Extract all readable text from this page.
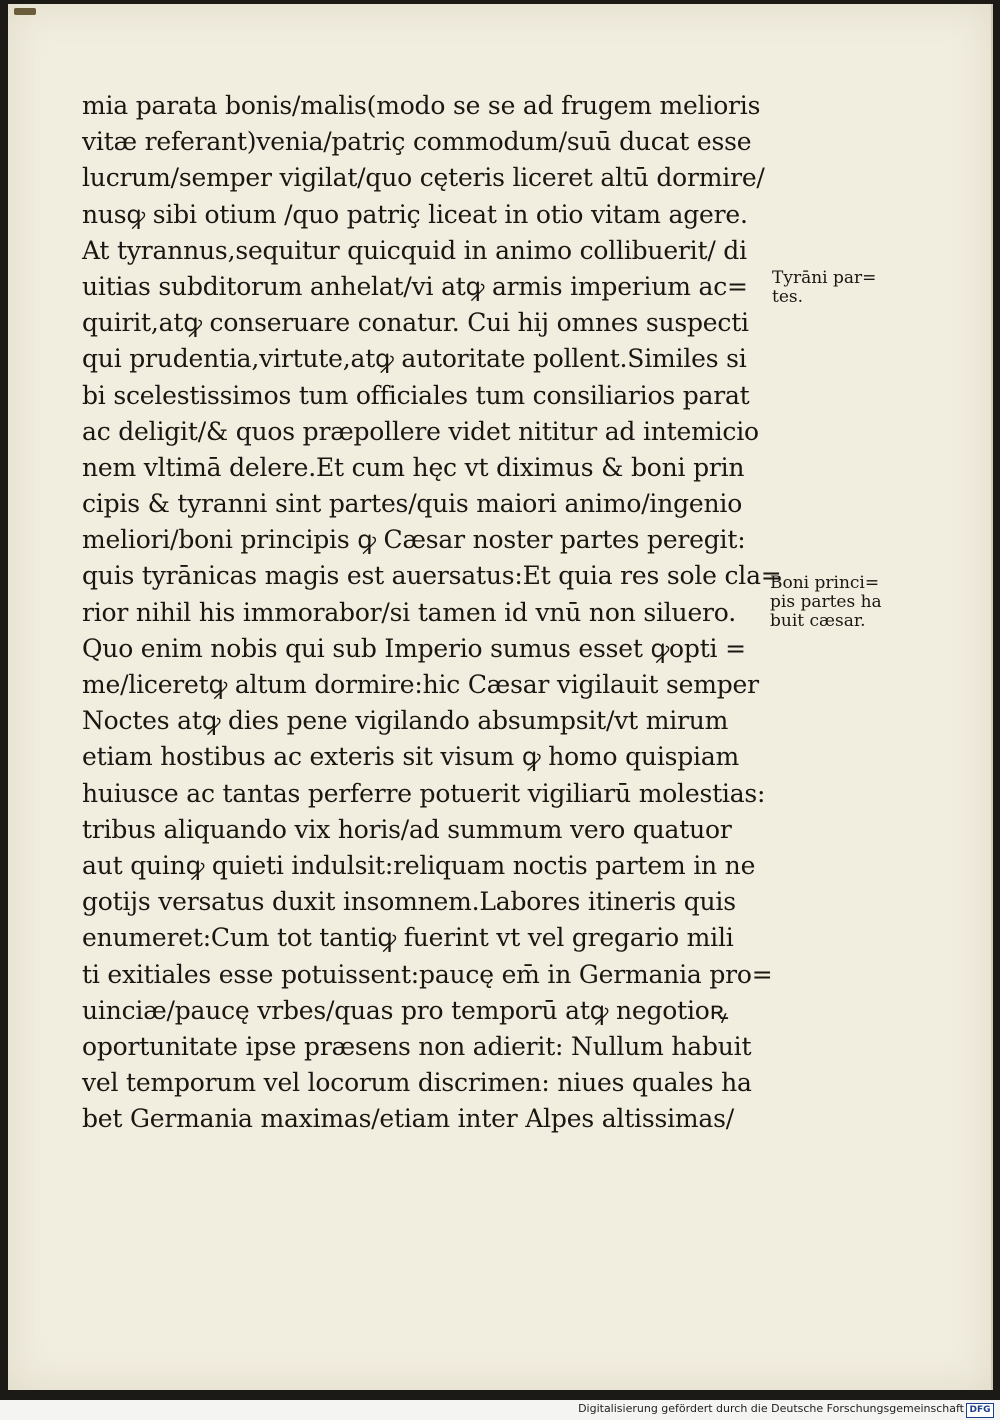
mia parata bonis/malis(modo se se ad frugem melioris
vitæ referant)venia/patriç commodum/suū ducat esse
lucrum/semper vigilat/quo cęteris liceret altū dormire/
nusꝙ sibi otium /quo patriç liceat in otio vitam agere.
At tyrannus,sequitur quicquid in animo collibuerit/ di
uitias subditorum anhelat/vi atꝙ armis imperium ac=
quirit,atꝙ conseruare conatur. Cui hij omnes suspecti
qui prudentia,virtute,atꝙ autoritate pollent.Similes si
bi scelestissimos tum officiales tum consiliarios parat
ac deligit/& quos præpollere videt nititur ad intemicio
nem vltimā delere.Et cum hęc vt diximus & boni prin
cipis & tyranni sint partes/quis maiori animo/ingenio
meliori/boni principis ꝙ Cæsar noster partes peregit:
quis tyrānicas magis est auersatus:Et quia res sole cla=
rior nihil his immorabor/si tamen id vnū non siluero.
Quo enim nobis qui sub Imperio sumus esset ꝙopti =
me/liceretꝙ altum dormire:hic Cæsar vigilauit semper
Noctes atꝙ dies pene vigilando absumpsit/vt mirum
etiam hostibus ac exteris sit visum ꝙ homo quispiam
huiusce ac tantas perferre potuerit vigiliarū molestias:
tribus aliquando vix horis/ad summum vero quatuor
aut quinꝙ quieti indulsit:reliquam noctis partem in ne
gotijs versatus duxit insomnem.Labores itineris quis
enumeret:Cum tot tantiꝙ fuerint vt vel gregario mili
ti exitiales esse potuissent:paucę em̄ in Germania pro=
uinciæ/paucę vrbes/quas pro temporū atꝙ negotioꝶ
oportunitate ipse præsens non adierit: Nullum habuit
vel temporum vel locorum discrimen: niues quales ha
bet Germania maximas/etiam inter Alpes altissimas/
Tyrāni par=
tes.
Boni princi=
pis partes ha
buit cæsar.
Digitalisierung gefördert durch die Deutsche Forschungsgemeinschaft DFG
